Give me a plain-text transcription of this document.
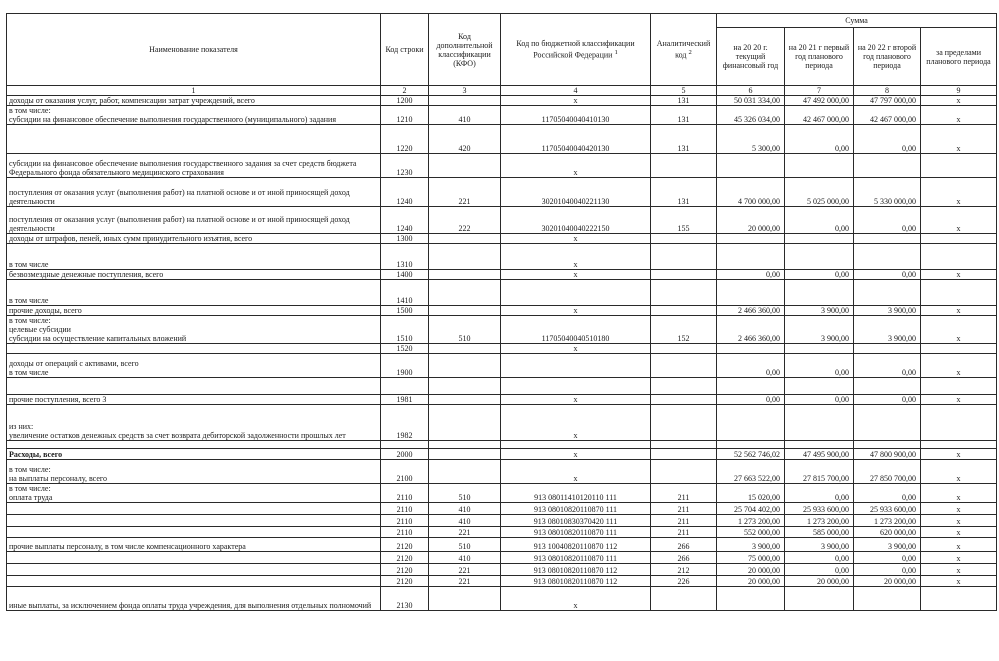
Наименование показателя	Код строки	Код дополнительной классификации (КФО)	Код по бюджетной классификации Российской Федерации $^1$	Аналитический код $^2$	Сумма			
					на 20 20 г. текущий финансовый год	на 20 21 г первый год планового периода	на 20 22 г второй год планового периода	за пределами планового периода
1	2	3	4	5	6	7	8	9
доходы от оказания услуг, работ, компенсации затрат учреждений, всего	1200		x	131	50 031 334,00	47 492 000,00	47 797 000,00	x
в том числе:
субсидии на финансовое обеспечение выполнения государственного (муниципального) задания	1210	410	11705040040410130	131	45 326 034,00	42 467 000,00	42 467 000,00	x
	1220	420	11705040040420130	131	5 300,00	0,00	0,00	x
субсидии на финансовое обеспечение выполнения государственного задания за счет средств бюджета Федерального фонда обязательного медицинского страхования	1230		x					
поступления от оказания услуг (выполнения работ) на платной основе и от иной приносящей доход деятельности	1240	221	30201040040221130	131	4 700 000,00	5 025 000,00	5 330 000,00	x
поступления от оказания услуг (выполнения работ) на платной основе и от иной приносящей доход деятельности	1240	222	30201040040222150	155	20 000,00	0,00	0,00	x
доходы от штрафов, пеней, иных сумм принудительного изъятия, всего	1300		x					
в том числе	1310		x					
безвозмездные денежные поступления, всего	1400		x		0,00	0,00	0,00	x
в том числе	1410							
прочие доходы, всего	1500		x		2 466 360,00	3 900,00	3 900,00	x
в том числе:
целевые субсидии
субсидии на осуществление капитальных вложений	1510	510	11705040040510180	152	2 466 360,00	3 900,00	3 900,00	x
	1520		x					
доходы от операций с активами, всего
в том числе	1900				0,00	0,00	0,00	x

прочие поступления, всего 3	1981		x		0,00	0,00	0,00	x
из них:
увеличение остатков денежных средств за счет возврата дебиторской задолженности прошлых лет	1982		x					

Расходы, всего	2000		x		52 562 746,02	47 495 900,00	47 800 900,00	x
в том числе:
на выплаты персоналу, всего	2100		x		27 663 522,00	27 815 700,00	27 850 700,00	x
в том числе:
оплата труда	2110	510	913 08011410120110 111	211	15 020,00	0,00	0,00	x
	2110	410	913 08010820110870 111	211	25 704 402,00	25 933 600,00	25 933 600,00	x
	2110	410	913 08010830370420 111	211	1 273 200,00	1 273 200,00	1 273 200,00	x
	2110	221	913 08010820110870 111	211	552 000,00	585 000,00	620 000,00	x
прочие выплаты персоналу, в том числе компенсационного характера	2120	510	913 10040820110870 112	266	3 900,00	3 900,00	3 900,00	x
	2120	410	913 08010820110870 111	266	75 000,00	0,00	0,00	x
	2120	221	913 08010820110870 112	212	20 000,00	0,00	0,00	x
	2120	221	913 08010820110870 112	226	20 000,00	20 000,00	20 000,00	x
иные выплаты, за исключением фонда оплаты труда учреждения, для выполнения отдельных полномочий	2130		x					
